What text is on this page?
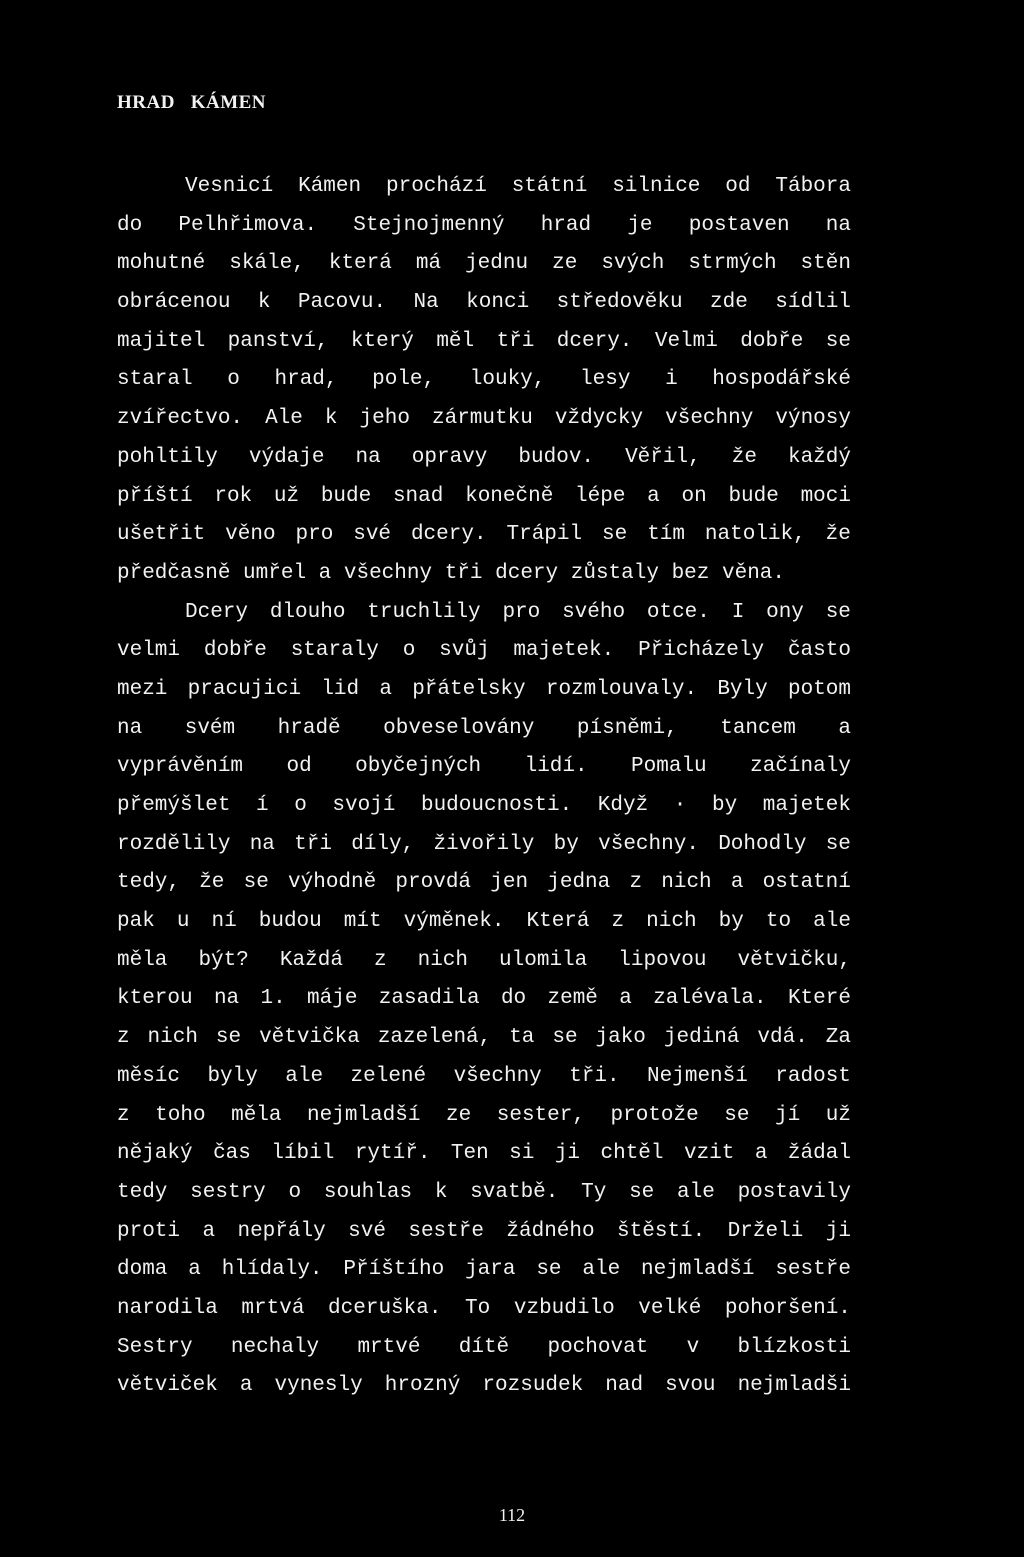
HRAD   KÁMEN
Vesnicí Kámen prochází státní silnice od Tábora
do Pelhřimova. Stejnojmenný hrad je postaven na
mohutné skále, která má jednu ze svých strmých stěn
obrácenou k Pacovu. Na konci středověku zde sídlil
majitel panství, který měl tři dcery. Velmi dobře se
staral o hrad, pole, louky, lesy i hospodářské
zvířectvo. Ale k jeho zármutku vždycky všechny výnosy
pohltily výdaje na opravy budov. Věřil, že každý
příští rok už bude snad konečně lépe a on bude moci
ušetřit věno pro své dcery. Trápil se tím natolik, že
předčasně umřel a všechny tři dcery zůstaly bez věna.
Dcery dlouho truchlily pro svého otce. I ony se
velmi dobře staraly o svůj majetek. Přicházely často
mezi pracujici lid a přátelsky rozmlouvaly. Byly potom
na svém hradě obveselovány písněmi, tancem a
vyprávěním od obyčejných lidí. Pomalu začínaly
přemýšlet í o svojí budoucnosti. Když · by majetek
rozdělily na tři díly, živořily by všechny. Dohodly se
tedy, že se výhodně provdá jen jedna z nich a ostatní
pak u ní budou mít výměnek. Která z nich by to ale
měla být? Každá z nich ulomila lipovou větvičku,
kterou na 1. máje zasadila do země a zalévala. Které
z nich se větvička zazelená, ta se jako jediná vdá. Za
měsíc byly ale zelené všechny tři. Nejmenší radost
z toho měla nejmladší ze sester, protože se jí už
nějaký čas líbil rytíř. Ten si ji chtěl vzit a žádal
tedy sestry o souhlas k svatbě. Ty se ale postavily
proti a nepřály své sestře žádného štěstí. Drželi ji
doma a hlídaly. Příštího jara se ale nejmladší sestře
narodila mrtvá dceruška. To vzbudilo velké pohoršení.
Sestry nechaly mrtvé dítě pochovat v blízkosti
větviček a vynesly hrozný rozsudek nad svou nejmladši
112
